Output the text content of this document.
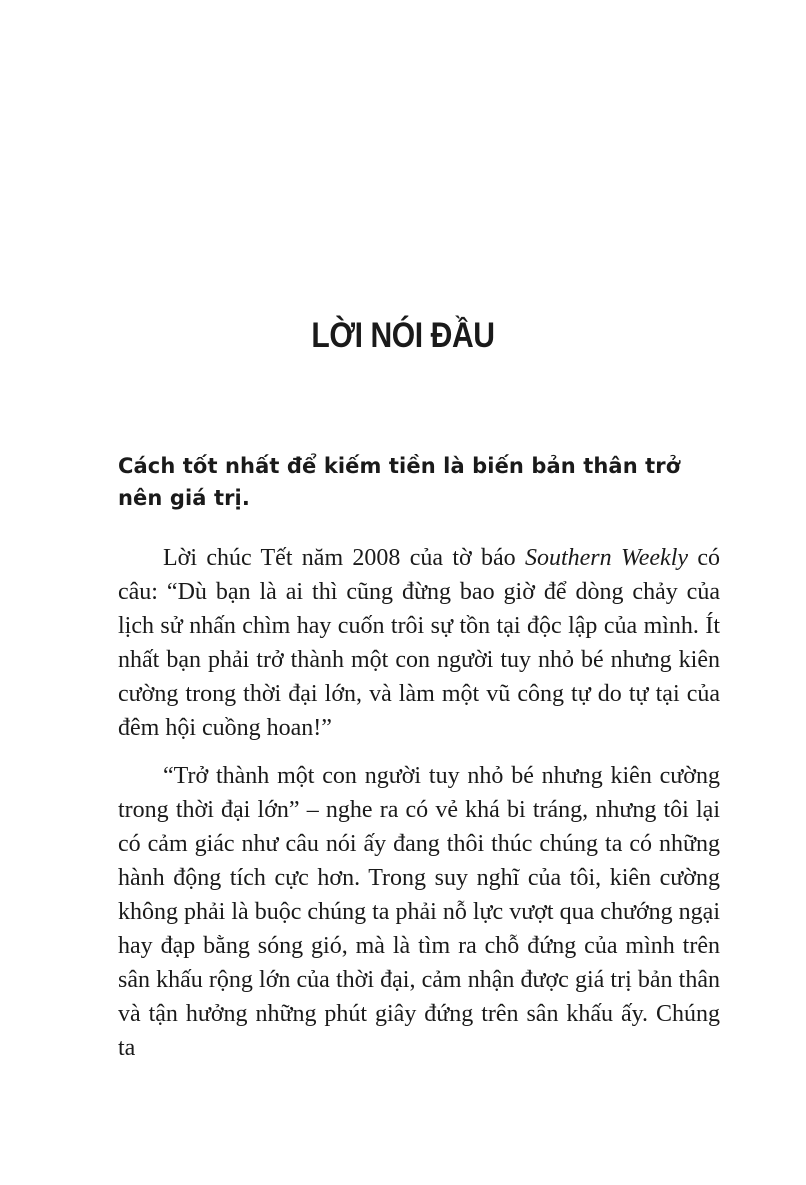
LỜI NÓI ĐẦU

Cách tốt nhất để kiếm tiền là biến bản thân trở nên giá trị.

Lời chúc Tết năm 2008 của tờ báo Southern Weekly có câu: “Dù bạn là ai thì cũng đừng bao giờ để dòng chảy của lịch sử nhấn chìm hay cuốn trôi sự tồn tại độc lập của mình. Ít nhất bạn phải trở thành một con người tuy nhỏ bé nhưng kiên cường trong thời đại lớn, và làm một vũ công tự do tự tại của đêm hội cuồng hoan!”

“Trở thành một con người tuy nhỏ bé nhưng kiên cường trong thời đại lớn” – nghe ra có vẻ khá bi tráng, nhưng tôi lại có cảm giác như câu nói ấy đang thôi thúc chúng ta có những hành động tích cực hơn. Trong suy nghĩ của tôi, kiên cường không phải là buộc chúng ta phải nỗ lực vượt qua chướng ngại hay đạp bằng sóng gió, mà là tìm ra chỗ đứng của mình trên sân khấu rộng lớn của thời đại, cảm nhận được giá trị bản thân và tận hưởng những phút giây đứng trên sân khấu ấy. Chúng ta
